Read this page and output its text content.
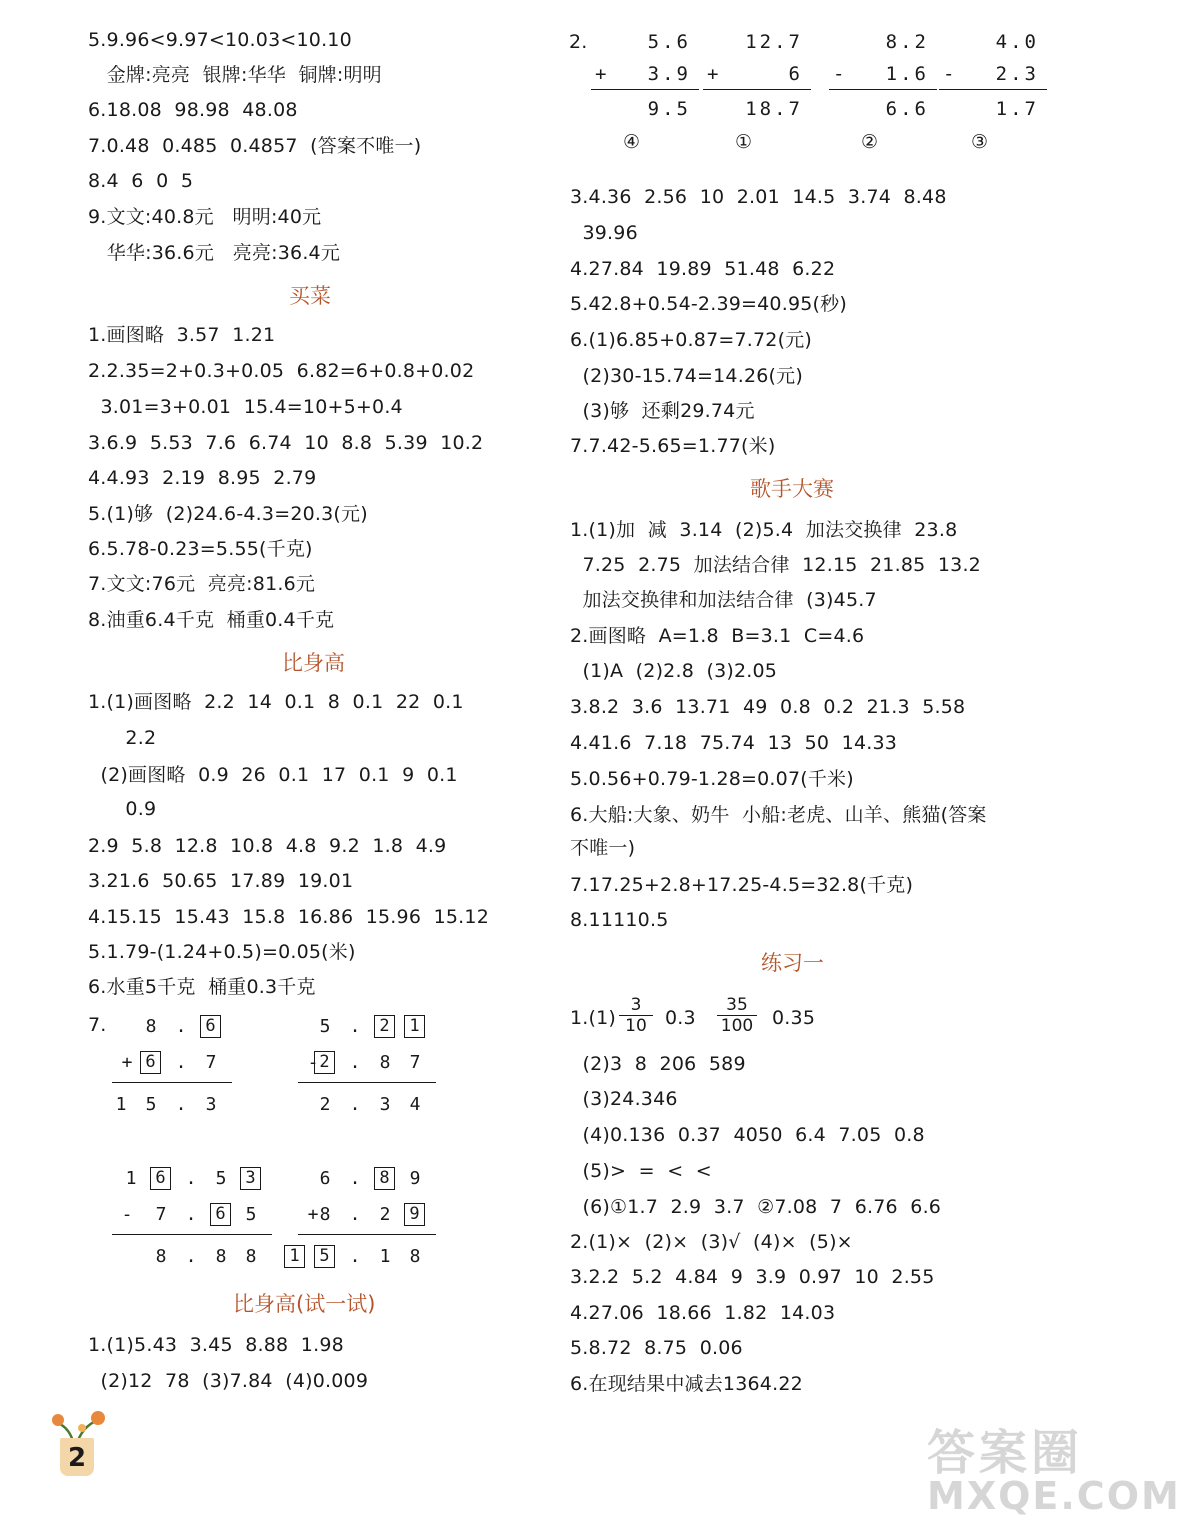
5.9.96<9.97<10.03<10.10
金牌:亮亮  银牌:华华  铜牌:明明
6.18.08  98.98  48.08
7.0.48  0.485  0.4857  (答案不唯一)
8.4  6  0  5
9.文文:40.8元   明明:40元
华华:36.6元   亮亮:36.4元
买菜
1.画图略  3.57  1.21
2.2.35=2+0.3+0.05  6.82=6+0.8+0.02
3.01=3+0.01  15.4=10+5+0.4
3.6.9  5.53  7.6  6.74  10  8.8  5.39  10.2
4.4.93  2.19  8.95  2.79
5.(1)够  (2)24.6-4.3=20.3(元)
6.5.78-0.23=5.55(千克)
7.文文:76元  亮亮:81.6元
8.油重6.4千克  桶重0.4千克
比身高
1.(1)画图略  2.2  14  0.1  8  0.1  22  0.1
2.2
(2)画图略  0.9  26  0.1  17  0.1  9  0.1
0.9
2.9  5.8  12.8  10.8  4.8  9.2  1.8  4.9
3.21.6  50.65  17.89  19.01
4.15.15  15.43  15.8  16.86  15.96  15.12
5.1.79-(1.24+0.5)=0.05(米)
6.水重5千克  桶重0.3千克
7. 8 .	6
+ 6 . 7
1 5 . 3
5 .	2	1
- 2 . 8 7
2 . 3 4
1	6 . 5	3
- 7 .	6 5
8 . 8 8
6 .	8 9
+ 8 . 2	9
1	5 . 1 8
比身高(试一试)
1.(1)5.43  3.45  8.88  1.98
(2)12  78  (3)7.84  (4)0.009
2
2.	5.6
+	3.9
9.5
④
12.7
+	6
18.7
①
8.2
-	1.6
6.6
②
4.0
-	2.3
1.7
③
3.4.36  2.56  10  2.01  14.5  3.74  8.48
39.96
4.27.84  19.89  51.48  6.22
5.42.8+0.54-2.39=40.95(秒)
6.(1)6.85+0.87=7.72(元)
(2)30-15.74=14.26(元)
(3)够  还剩29.74元
7.7.42-5.65=1.77(米)
歌手大赛
1.(1)加  减  3.14  (2)5.4  加法交换律  23.8
7.25  2.75  加法结合律  12.15  21.85  13.2
加法交换律和加法结合律  (3)45.7
2.画图略  A=1.8  B=3.1  C=4.6
(1)A  (2)2.8  (3)2.05
3.8.2  3.6  13.71  49  0.8  0.2  21.3  5.58
4.41.6  7.18  75.74  13  50  14.33
5.0.56+0.79-1.28=0.07(千米)
6.大船:大象、奶牛  小船:老虎、山羊、熊猫(答案
不唯一)
7.17.25+2.8+17.25-4.5=32.8(千克)
8.11110.5
练习一
$1.(1) \frac{3}{10} 0.3 \frac{35}{100} 0.35$
(2)3  8  206  589
(3)24.346
(4)0.136  0.37  4050  6.4  7.05  0.8
(5)>  =  <  <
(6)①1.7  2.9  3.7  ②7.08  7  6.76  6.6
2.(1)×  (2)×  (3)√  (4)×  (5)×
3.2.2  5.2  4.84  9  3.9  0.97  10  2.55
4.27.06  18.66  1.82  14.03
5.8.72  8.75  0.06
6.在现结果中减去1364.22
答案圈
MXQE.COM
